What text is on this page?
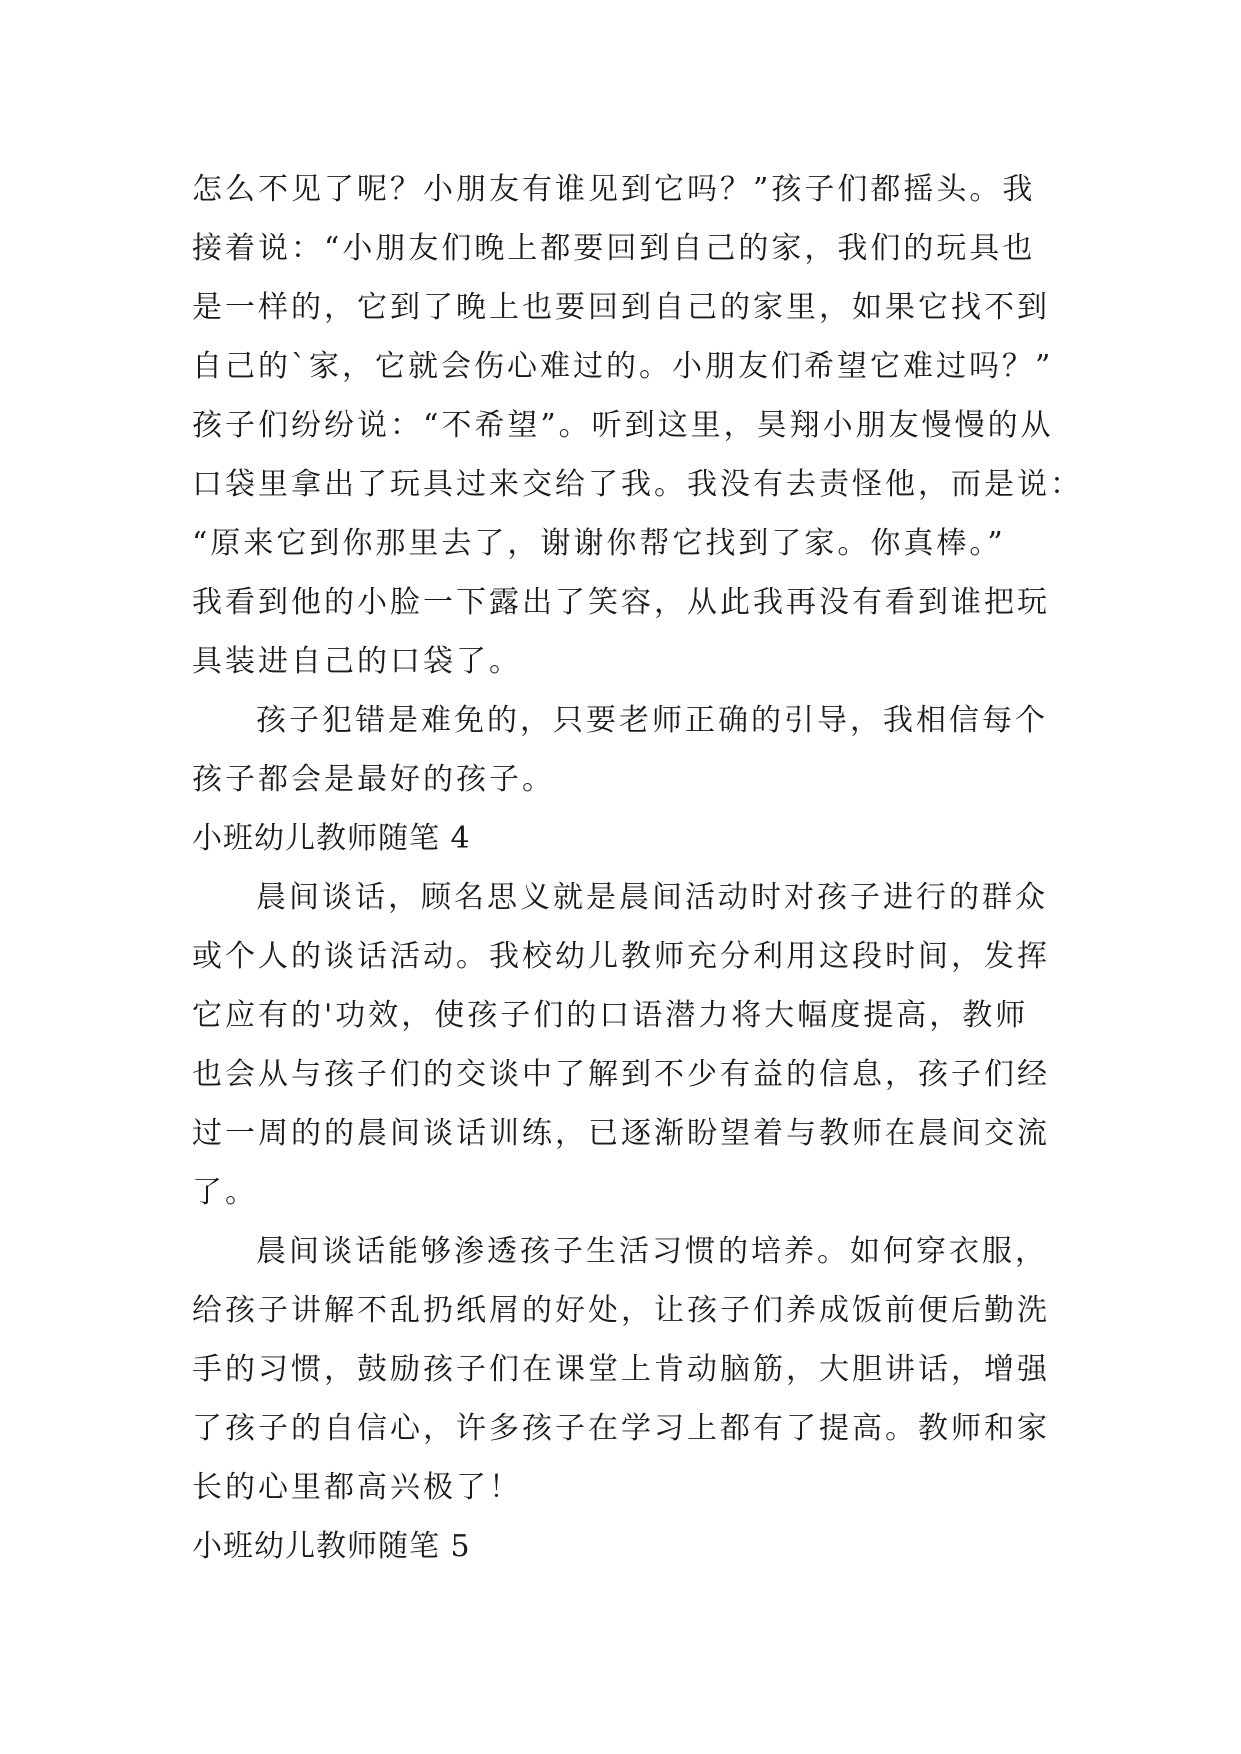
怎么不见了呢？小朋友有谁见到它吗？”孩子们都摇头。我
接着说：“小朋友们晚上都要回到自己的家，我们的玩具也
是一样的，它到了晚上也要回到自己的家里，如果它找不到
自己的`家，它就会伤心难过的。小朋友们希望它难过吗？”
孩子们纷纷说：“不希望”。听到这里，昊翔小朋友慢慢的从
口袋里拿出了玩具过来交给了我。我没有去责怪他，而是说：
“原来它到你那里去了，谢谢你帮它找到了家。你真棒。”
我看到他的小脸一下露出了笑容，从此我再没有看到谁把玩
具装进自己的口袋了。
孩子犯错是难免的，只要老师正确的引导，我相信每个
孩子都会是最好的孩子。
小班幼儿教师随笔 4
晨间谈话，顾名思义就是晨间活动时对孩子进行的群众
或个人的谈话活动。我校幼儿教师充分利用这段时间，发挥
它应有的'功效，使孩子们的口语潜力将大幅度提高，教师
也会从与孩子们的交谈中了解到不少有益的信息，孩子们经
过一周的的晨间谈话训练，已逐渐盼望着与教师在晨间交流
了。
晨间谈话能够渗透孩子生活习惯的培养。如何穿衣服，
给孩子讲解不乱扔纸屑的好处，让孩子们养成饭前便后勤洗
手的习惯，鼓励孩子们在课堂上肯动脑筋，大胆讲话，增强
了孩子的自信心，许多孩子在学习上都有了提高。教师和家
长的心里都高兴极了！
小班幼儿教师随笔 5
